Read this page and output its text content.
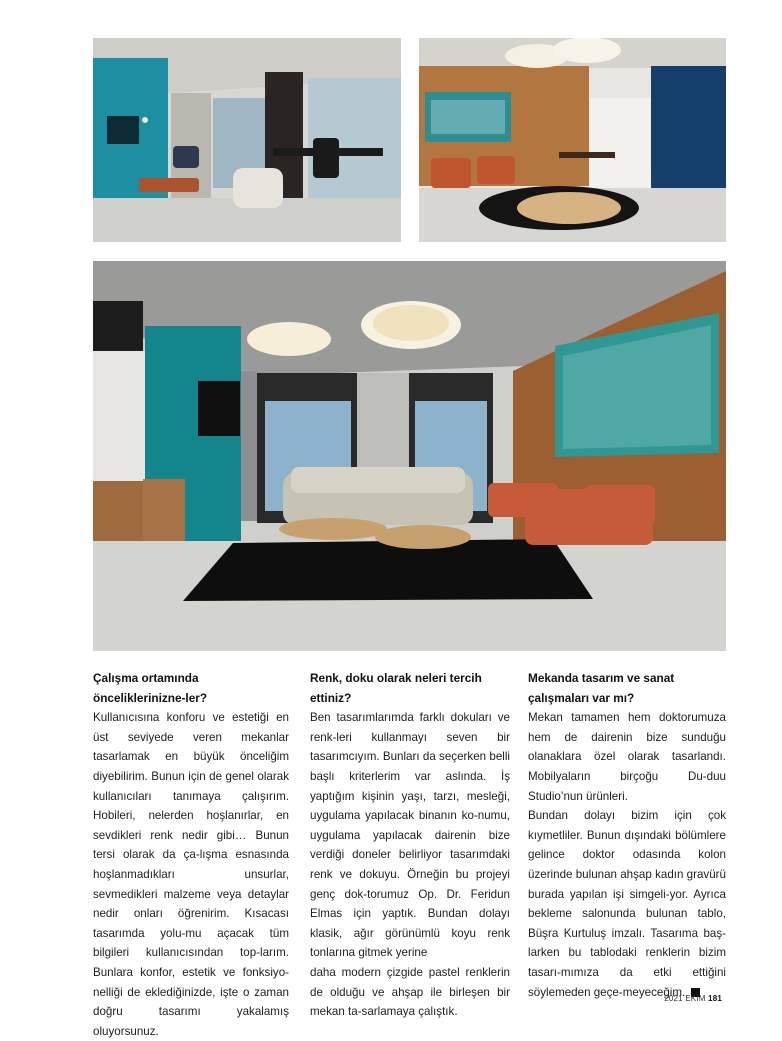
Çalışma ortamında önceliklerinizne-ler?

Kullanıcısına konforu ve estetiği en üst seviyede veren mekanlar tasarlamak en büyük önceliğim diyebilirim. Bunun için de genel olarak kullanıcıları tanımaya çalışırım. Hobileri, nelerden hoşlanırlar, en sevdikleri renk nedir gibi… Bunun tersi olarak da ça-lışma esnasında hoşlanmadıkları unsurlar, sevmedikleri malzeme veya detaylar nedir onları öğrenirim. Kısacası tasarımda yolu-mu açacak tüm bilgileri kullanıcısından top-larım. Bunlara konfor, estetik ve fonksiyo-nelliği de eklediğinizde, işte o zaman doğru tasarımı yakalamış oluyorsunuz.

Renk, doku olarak neleri tercih ettiniz?

Ben tasarımlarımda farklı dokuları ve renk-leri kullanmayı seven bir tasarımcıyım. Bunları da seçerken belli başlı kriterlerim var aslında. İş yaptığım kişinin yaşı, tarzı, mesleği, uygulama yapılacak binanın ko-numu, uygulama yapılacak dairenin bize verdiği doneler belirliyor tasarımdaki renk ve dokuyu. Örneğin bu projeyi genç dok-torumuz Op. Dr. Feridun Elmas için yaptık. Bundan dolayı klasik, ağır görünümlü koyu renk tonlarına gitmek yerine

daha modern çizgide pastel renklerin de olduğu ve ahşap ile birleşen bir mekan ta-sarlamaya çalıştık.

Mekanda tasarım ve sanat çalışmaları var mı?

Mekan tamamen hem doktorumuza hem de dairenin bize sunduğu olanaklara özel olarak tasarlandı. Mobilyaların birçoğu Du-duu Studio’nun ürünleri.

Bundan dolayı bizim için çok kıymetliler. Bunun dışındaki bölümlere gelince doktor odasında kolon üzerinde bulunan ahşap kadın gravürü burada yapılan işi simgeli-yor. Ayrıca bekleme salonunda bulunan tablo, Büşra Kurtuluş imzalı. Tasarıma baş-larken bu tablodaki renklerin bizim tasarı-mımıza da etki ettiğini söylemeden geçe-meyeceğim.

2021 EKİM 181
